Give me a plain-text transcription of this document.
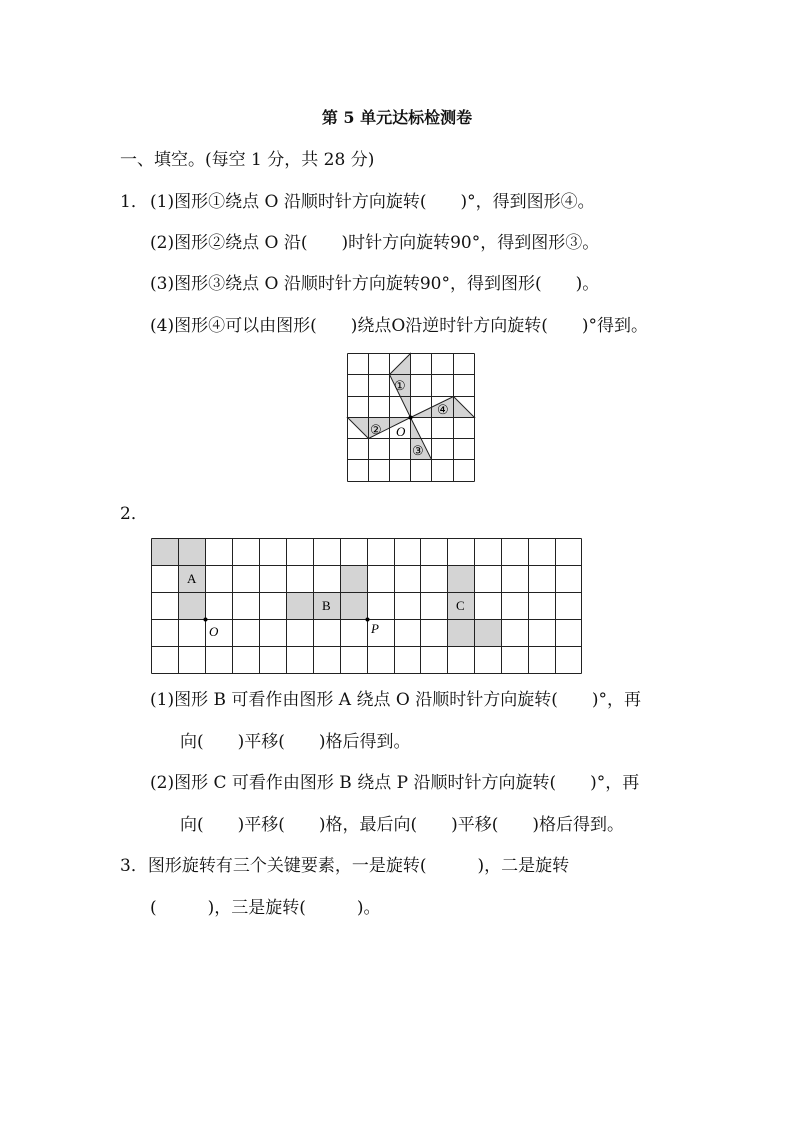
第 5 单元达标检测卷
一、填空。(每空 1 分，共 28 分)
1． (1)图形①绕点 O 沿顺时针方向旋转(　　)°，得到图形④。
(2)图形②绕点 O 沿(　　)时针方向旋转90°，得到图形③。
(3)图形③绕点 O 沿顺时针方向旋转90°，得到图形(　　)。
(4)图形④可以由图形(　　)绕点O沿逆时针方向旋转(　　)°得到。
①
②
③
④
O
2．
A
B	C
O	P
(1)图形 B 可看作由图形 A 绕点 O 沿顺时针方向旋转(　　)°，再
向(　　)平移(　　)格后得到。
(2)图形 C 可看作由图形 B 绕点 P 沿顺时针方向旋转(　　)°，再
向(　　)平移(　　)格，最后向(　　)平移(　　)格后得到。
3．图形旋转有三个关键要素，一是旋转(　　　)，二是旋转
(　　　)，三是旋转(　　　)。
